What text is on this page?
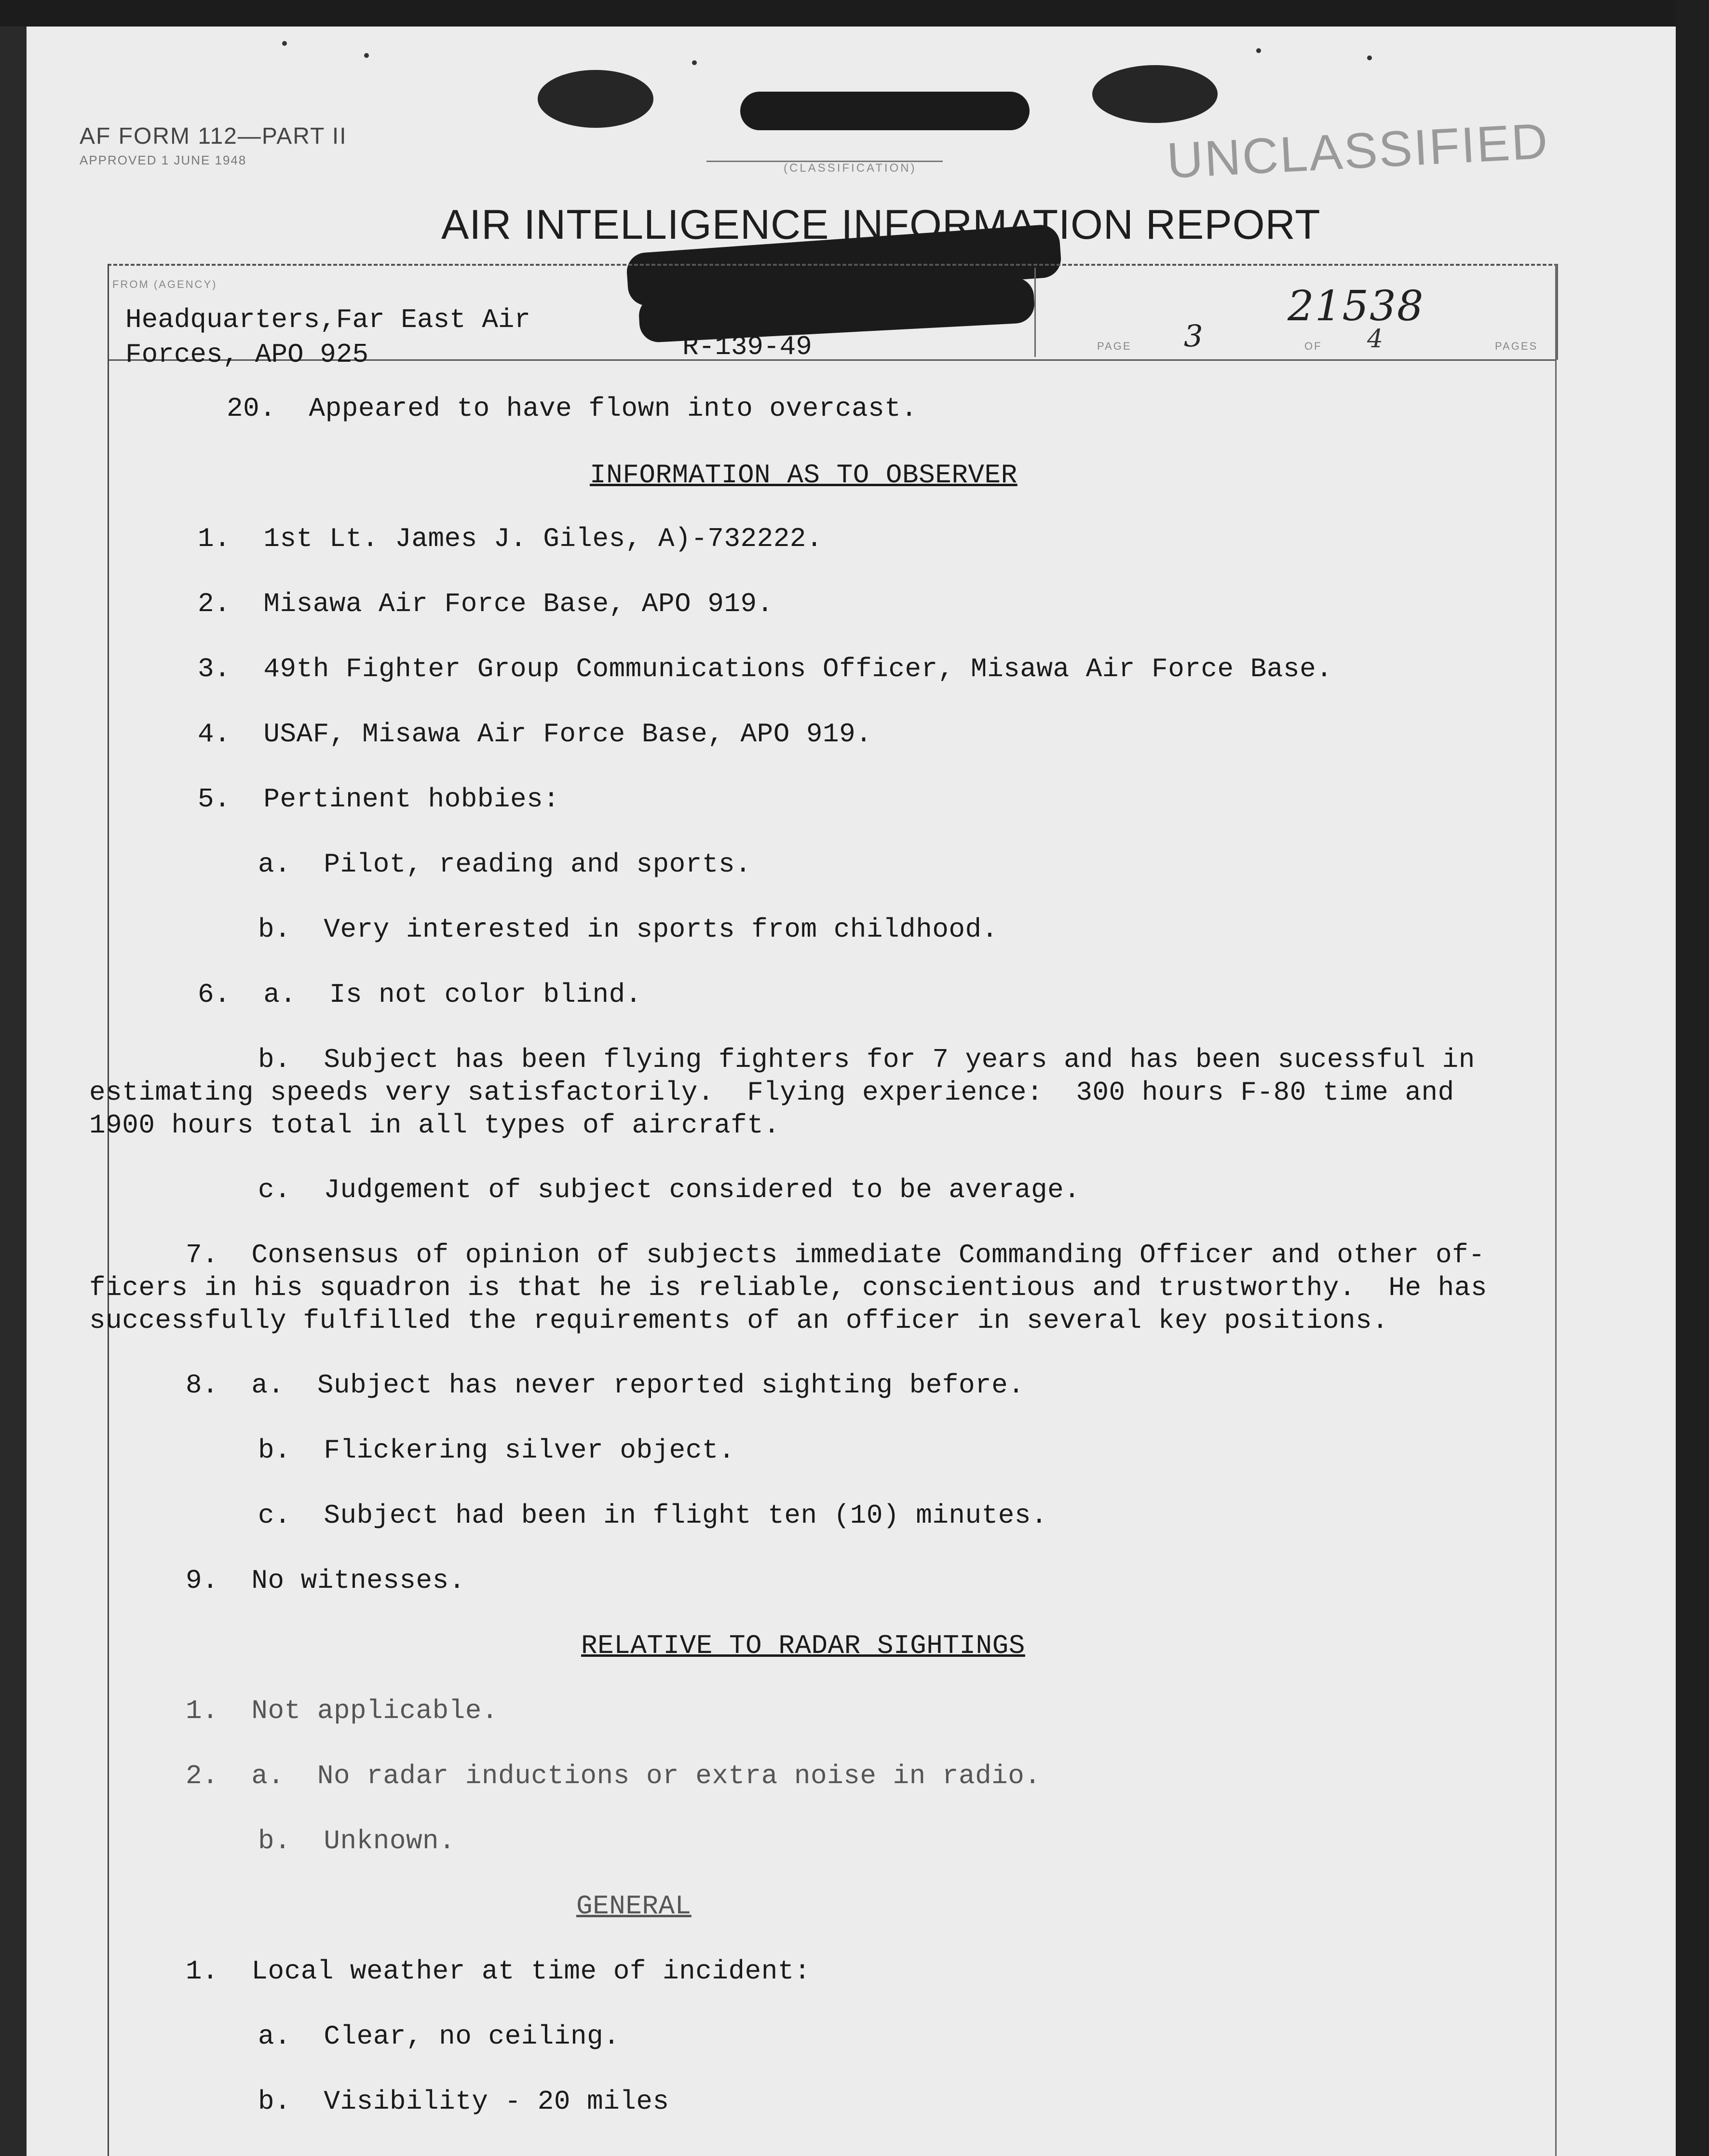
AF FORM 112—PART II
APPROVED 1 JUNE 1948
(CLASSIFICATION)	UNCLASSIFIED
AIR INTELLIGENCE INFORMATION REPORT
FROM (AGENCY)
Headquarters,Far East Air
Forces, APO 925	R-139-49
21538
PAGE 3	OF 4	PAGES
20.  Appeared to have flown into overcast.
INFORMATION AS TO OBSERVER
1.  1st Lt. James J. Giles, A)-732222.
2.  Misawa Air Force Base, APO 919.
3.  49th Fighter Group Communications Officer, Misawa Air Force Base.
4.  USAF, Misawa Air Force Base, APO 919.
5.  Pertinent hobbies:
a.  Pilot, reading and sports.
b.  Very interested in sports from childhood.
6.  a.  Is not color blind.
b.  Subject has been flying fighters for 7 years and has been sucessful in
estimating speeds very satisfactorily.  Flying experience:  300 hours F-80 time and
1900 hours total in all types of aircraft.
c.  Judgement of subject considered to be average.
7.  Consensus of opinion of subjects immediate Commanding Officer and other of-
ficers in his squadron is that he is reliable, conscientious and trustworthy.  He has
successfully fulfilled the requirements of an officer in several key positions.
8.  a.  Subject has never reported sighting before.
b.  Flickering silver object.
c.  Subject had been in flight ten (10) minutes.
9.  No witnesses.
RELATIVE TO RADAR SIGHTINGS
1.  Not applicable.
2.  a.  No radar inductions or extra noise in radio.
b.  Unknown.
GENERAL
1.  Local weather at time of incident:
a.  Clear, no ceiling.
b.  Visibility - 20 miles
